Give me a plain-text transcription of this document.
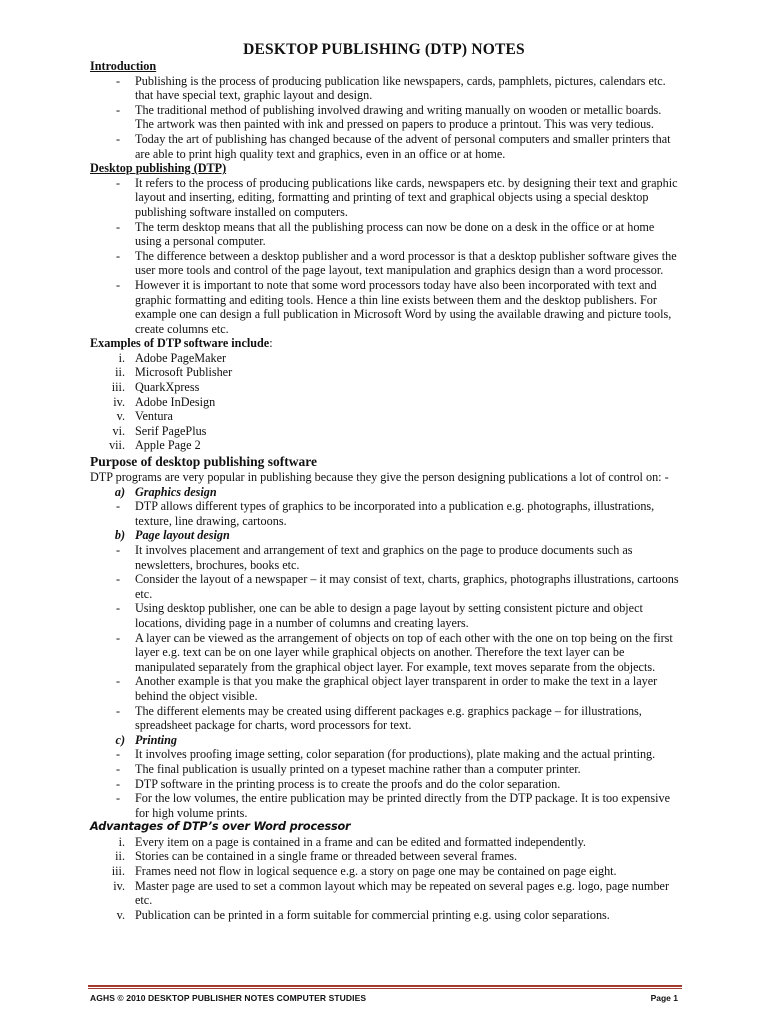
DESKTOP PUBLISHING (DTP) NOTES
Introduction
- Publishing is the process of producing publication like newspapers, cards, pamphlets, pictures, calendars etc. that have special text, graphic layout and design.
- The traditional method of publishing involved drawing and writing manually on wooden or metallic boards. The artwork was then painted with ink and pressed on papers to produce a printout. This was very tedious.
- Today the art of publishing has changed because of the advent of personal computers and smaller printers that are able to print high quality text and graphics, even in an office or at home.
Desktop publishing (DTP)
- It refers to the process of producing publications like cards, newspapers etc. by designing their text and graphic layout and inserting, editing, formatting and printing of text and graphical objects using a special desktop publishing software installed on computers.
- The term desktop means that all the publishing process can now be done on a desk in the office or at home using a personal computer.
- The difference between a desktop publisher and a word processor is that a desktop publisher software gives the user more tools and control of the page layout, text manipulation and graphics design than a word processor.
- However it is important to note that some word processors today have also been incorporated with text and graphic formatting and editing tools. Hence a thin line exists between them and the desktop publishers. For example one can design a full publication in Microsoft Word by using the available drawing and picture tools, create columns etc.
Examples of DTP software include:
i. Adobe PageMaker
ii. Microsoft Publisher
iii. QuarkXpress
iv. Adobe InDesign
v. Ventura
vi. Serif PagePlus
vii. Apple Page 2
Purpose of desktop publishing software
DTP programs are very popular in publishing because they give the person designing publications a lot of control on: -
a) Graphics design
- DTP allows different types of graphics to be incorporated into a publication e.g. photographs, illustrations, texture, line drawing, cartoons.
b) Page layout design
- It involves placement and arrangement of text and graphics on the page to produce documents such as newsletters, brochures, books etc.
- Consider the layout of a newspaper – it may consist of text, charts, graphics, photographs illustrations, cartoons etc.
- Using desktop publisher, one can be able to design a page layout by setting consistent picture and object locations, dividing page in a number of columns and creating layers.
- A layer can be viewed as the arrangement of objects on top of each other with the one on top being on the first layer e.g. text can be on one layer while graphical objects on another. Therefore the text layer can be manipulated separately from the graphical object layer. For example, text moves separate from the objects.
- Another example is that you make the graphical object layer transparent in order to make the text in a layer behind the object visible.
- The different elements may be created using different packages e.g. graphics package – for illustrations, spreadsheet package for charts, word processors for text.
c) Printing
- It involves proofing image setting, color separation (for productions), plate making and the actual printing.
- The final publication is usually printed on a typeset machine rather than a computer printer.
- DTP software in the printing process is to create the proofs and do the color separation.
- For the low volumes, the entire publication may be printed directly from the DTP package. It is too expensive for high volume prints.
Advantages of DTP’s over Word processor
i. Every item on a page is contained in a frame and can be edited and formatted independently.
ii. Stories can be contained in a single frame or threaded between several frames.
iii. Frames need not flow in logical sequence e.g. a story on page one may be contained on page eight.
iv. Master page are used to set a common layout which may be repeated on several pages e.g. logo, page number etc.
v. Publication can be printed in a form suitable for commercial printing e.g. using color separations.
AGHS © 2010 DESKTOP PUBLISHER NOTES COMPUTER STUDIES	Page 1
